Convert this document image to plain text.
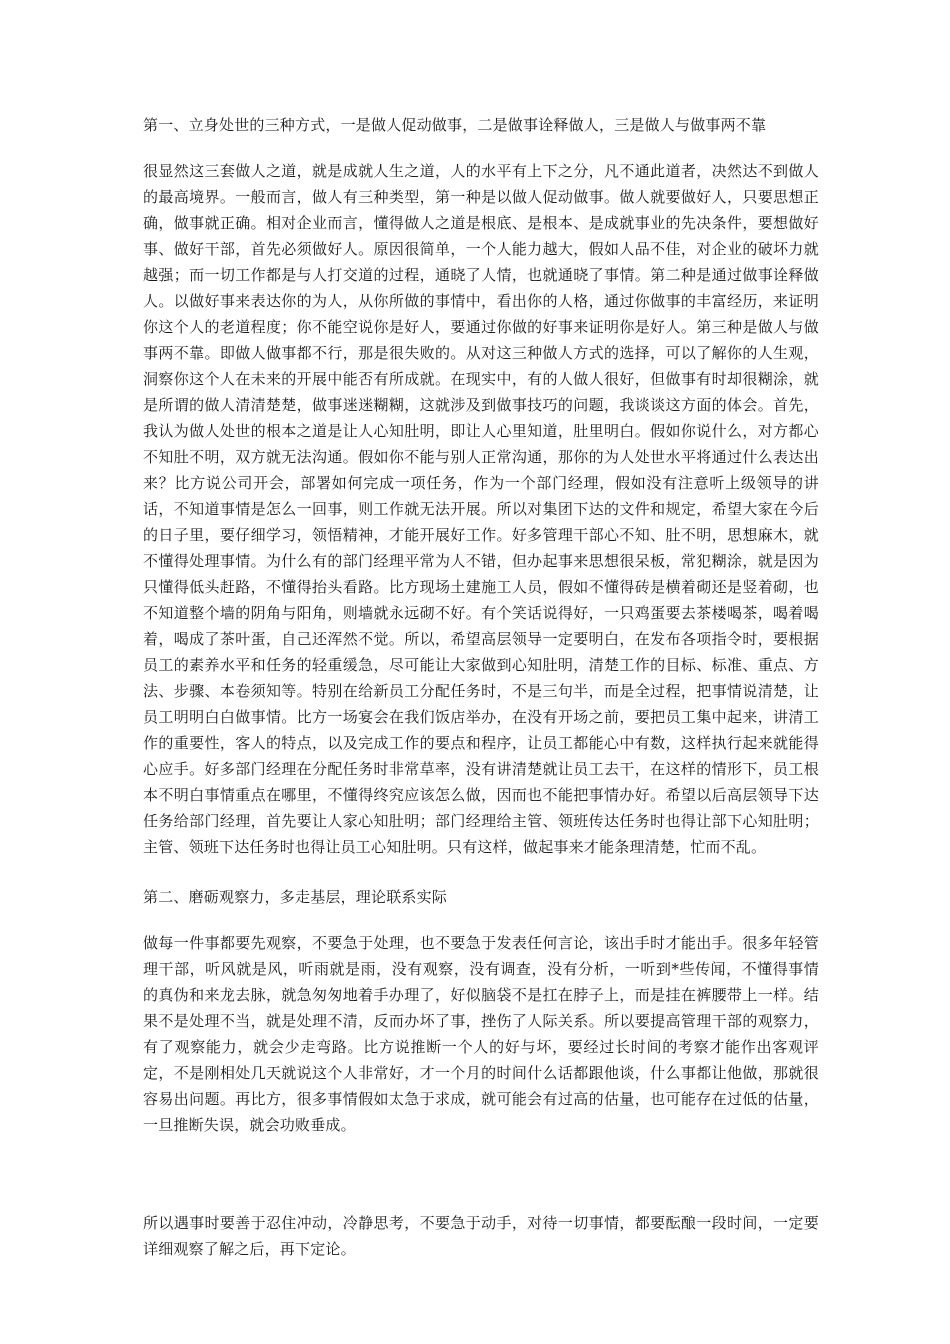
第一、立身处世的三种方式，一是做人促动做事，二是做事诠释做人，三是做人与做事两不靠

很显然这三套做人之道，就是成就人生之道，人的水平有上下之分，凡不通此道者，决然达不到做人的最高境界。一般而言，做人有三种类型，第一种是以做人促动做事。做人就要做好人，只要思想正确，做事就正确。相对企业而言，懂得做人之道是根底、是根本、是成就事业的先决条件，要想做好事、做好干部，首先必须做好人。原因很简单，一个人能力越大，假如人品不佳，对企业的破坏力就越强；而一切工作都是与人打交道的过程，通晓了人情，也就通晓了事情。第二种是通过做事诠释做人。以做好事来表达你的为人，从你所做的事情中，看出你的人格，通过你做事的丰富经历，来证明你这个人的老道程度；你不能空说你是好人，要通过你做的好事来证明你是好人。第三种是做人与做事两不靠。即做人做事都不行，那是很失败的。从对这三种做人方式的选择，可以了解你的人生观，洞察你这个人在未来的开展中能否有所成就。在现实中，有的人做人很好，但做事有时却很糊涂，就是所谓的做人清清楚楚，做事迷迷糊糊，这就涉及到做事技巧的问题，我谈谈这方面的体会。首先，我认为做人处世的根本之道是让人心知肚明，即让人心里知道，肚里明白。假如你说什么，对方都心不知肚不明，双方就无法沟通。假如你不能与别人正常沟通，那你的为人处世水平将通过什么表达出来？比方说公司开会，部署如何完成一项任务，作为一个部门经理，假如没有注意听上级领导的讲话，不知道事情是怎么一回事，则工作就无法开展。所以对集团下达的文件和规定，希望大家在今后的日子里，要仔细学习，领悟精神，才能开展好工作。好多管理干部心不知、肚不明，思想麻木，就不懂得处理事情。为什么有的部门经理平常为人不错，但办起事来思想很呆板，常犯糊涂，就是因为只懂得低头赶路，不懂得抬头看路。比方现场土建施工人员，假如不懂得砖是横着砌还是竖着砌，也不知道整个墙的阴角与阳角，则墙就永远砌不好。有个笑话说得好，一只鸡蛋要去茶楼喝茶，喝着喝着，喝成了茶叶蛋，自己还浑然不觉。所以，希望高层领导一定要明白，在发布各项指令时，要根据员工的素养水平和任务的轻重缓急，尽可能让大家做到心知肚明，清楚工作的目标、标准、重点、方法、步骤、本卷须知等。特别在给新员工分配任务时，不是三句半，而是全过程，把事情说清楚，让员工明明白白做事情。比方一场宴会在我们饭店举办，在没有开场之前，要把员工集中起来，讲清工作的重要性，客人的特点，以及完成工作的要点和程序，让员工都能心中有数，这样执行起来就能得心应手。好多部门经理在分配任务时非常草率，没有讲清楚就让员工去干，在这样的情形下，员工根本不明白事情重点在哪里，不懂得终究应该怎么做，因而也不能把事情办好。希望以后高层领导下达任务给部门经理，首先要让人家心知肚明；部门经理给主管、领班传达任务时也得让部下心知肚明；主管、领班下达任务时也得让员工心知肚明。只有这样，做起事来才能条理清楚，忙而不乱。

第二、磨砺观察力，多走基层，理论联系实际

做每一件事都要先观察，不要急于处理，也不要急于发表任何言论，该出手时才能出手。很多年轻管理干部，听风就是风，听雨就是雨，没有观察，没有调查，没有分析，一听到*些传闻，不懂得事情的真伪和来龙去脉，就急匆匆地着手办理了，好似脑袋不是扛在脖子上，而是挂在裤腰带上一样。结果不是处理不当，就是处理不清，反而办坏了事，挫伤了人际关系。所以要提高管理干部的观察力，有了观察能力，就会少走弯路。比方说推断一个人的好与坏，要经过长时间的考察才能作出客观评定，不是刚相处几天就说这个人非常好，才一个月的时间什么话都跟他谈，什么事都让他做，那就很容易出问题。再比方，很多事情假如太急于求成，就可能会有过高的估量，也可能存在过低的估量，一旦推断失误，就会功败垂成。

所以遇事时要善于忍住冲动，冷静思考，不要急于动手，对待一切事情，都要酝酿一段时间，一定要详细观察了解之后，再下定论。
